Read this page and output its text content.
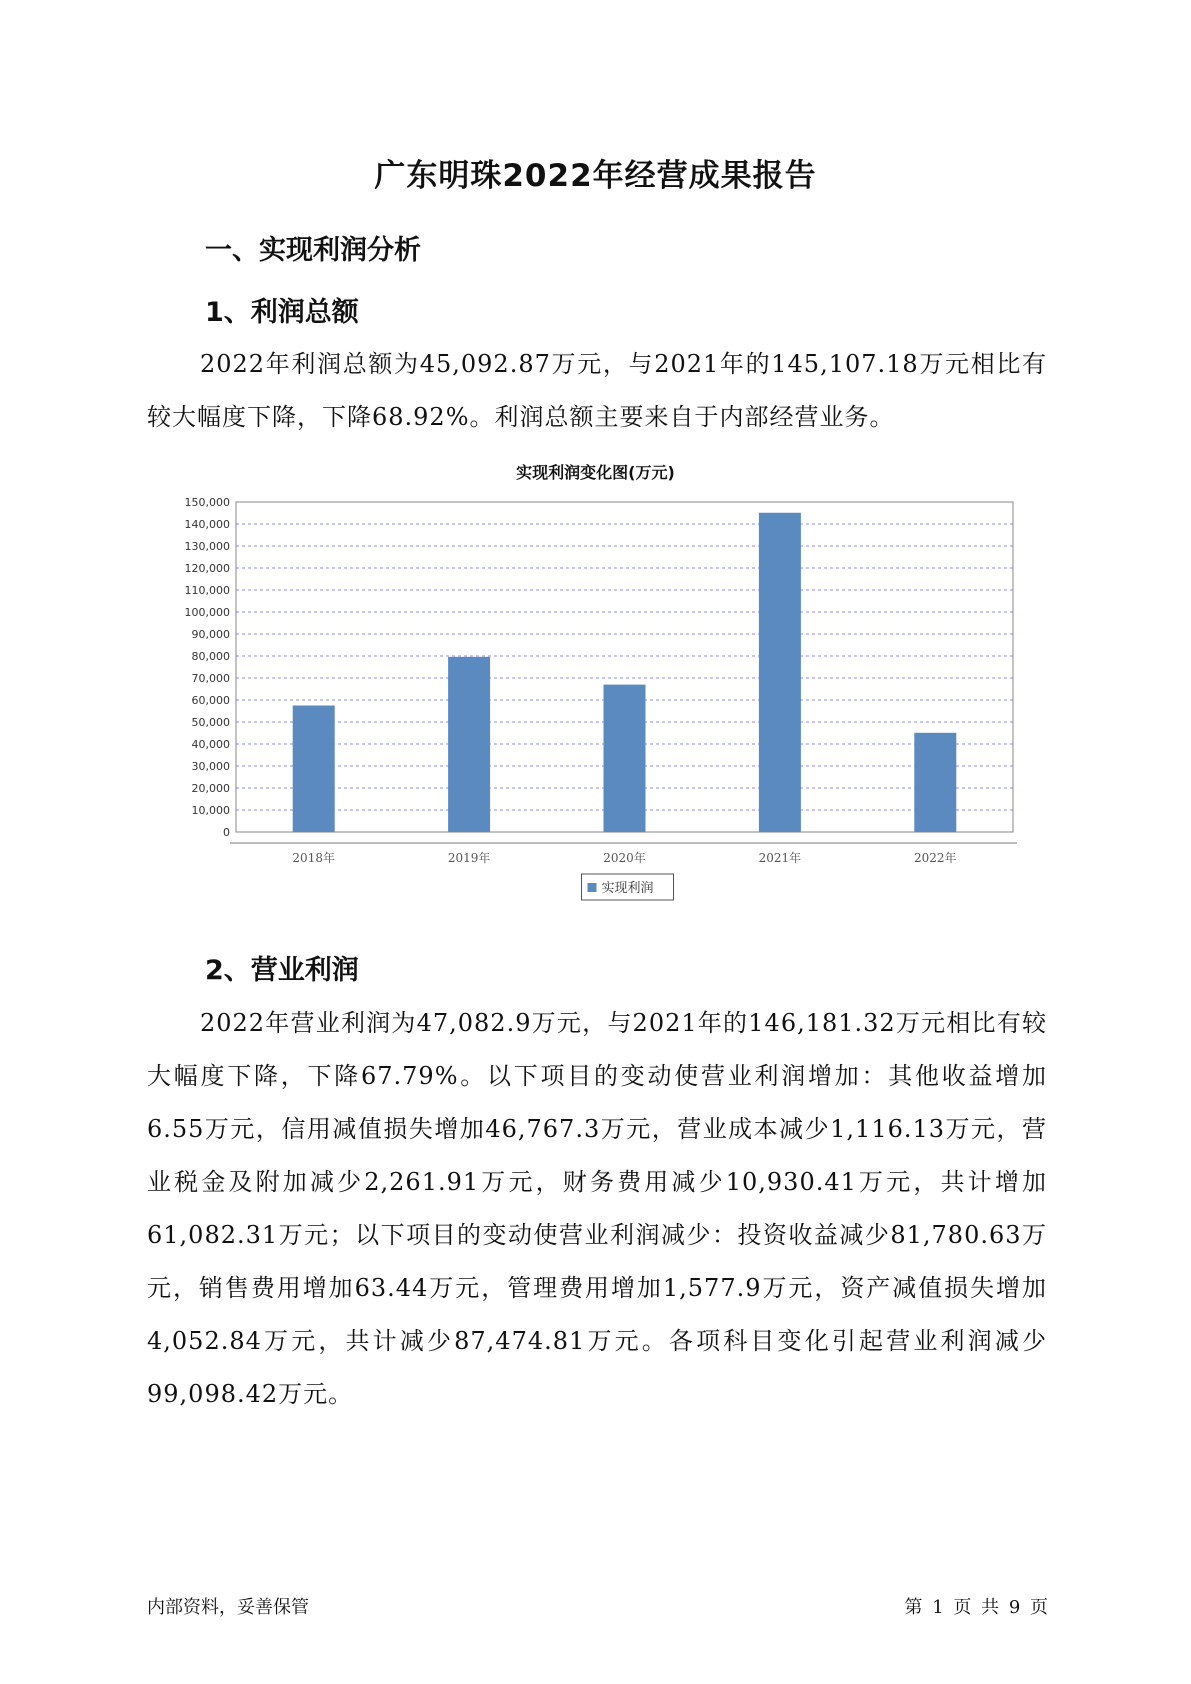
广东明珠2022年经营成果报告
一、实现利润分析
1、利润总额
2022年利润总额为45,092.87万元，与2021年的145,107.18万元相比有较大幅度下降，下降68.92%。利润总额主要来自于内部经营业务。
实现利润变化图(万元)
0
10,000
20,000
30,000
40,000
50,000
60,000
70,000
80,000
90,000
100,000
110,000
120,000
130,000
140,000
150,000
2018年	2019年	2020年	2021年	2022年
实现利润
2、营业利润
2022年营业利润为47,082.9万元，与2021年的146,181.32万元相比有较大幅度下降，下降67.79%。以下项目的变动使营业利润增加：其他收益增加6.55万元，信用减值损失增加46,767.3万元，营业成本减少1,116.13万元，营业税金及附加减少2,261.91万元，财务费用减少10,930.41万元，共计增加61,082.31万元；以下项目的变动使营业利润减少：投资收益减少81,780.63万元，销售费用增加63.44万元，管理费用增加1,577.9万元，资产减值损失增加4,052.84万元，共计减少87,474.81万元。各项科目变化引起营业利润减少99,098.42万元。
内部资料，妥善保管	第 1 页 共 9 页
